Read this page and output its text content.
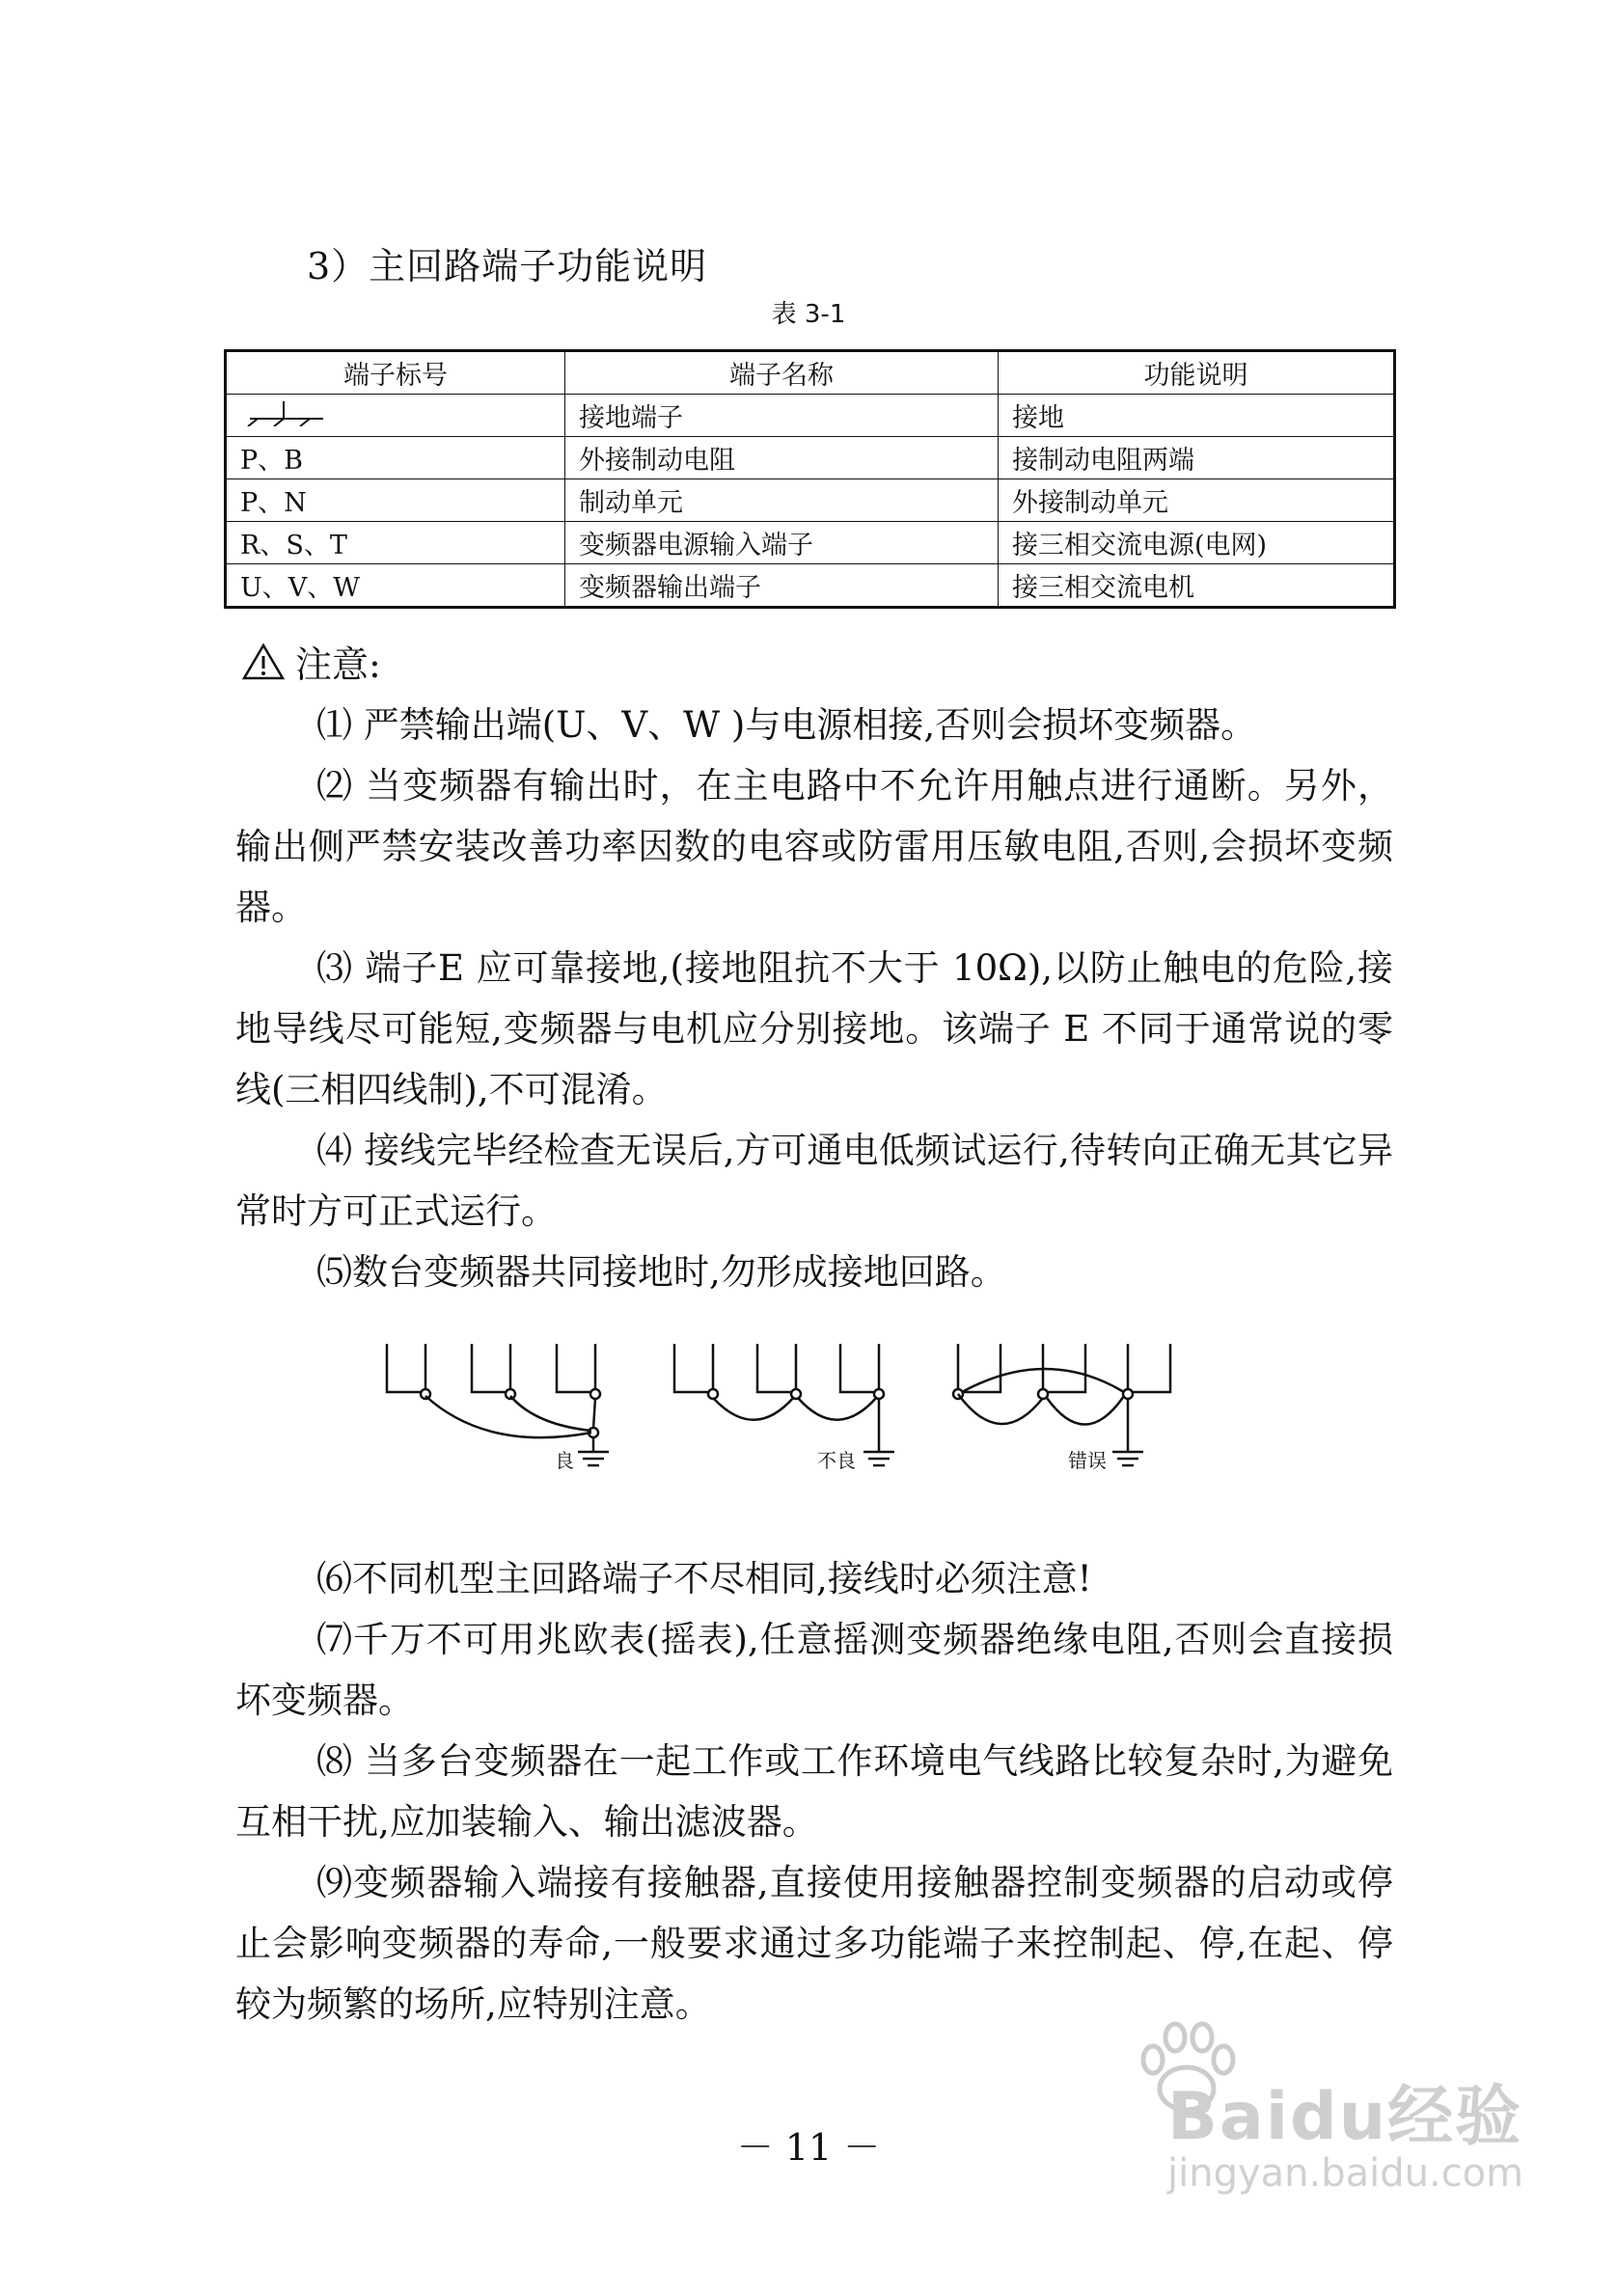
3）主回路端子功能说明
表 3-1
端子标号	端子名称	功能说明
	接地端子	接地
P、B	外接制动电阻	接制动电阻两端
P、N	制动单元	外接制动单元
R、S、T	变频器电源输入端子	接三相交流电源(电网)
U、V、W	变频器输出端子	接三相交流电机
注意:

⑴ 严禁输出端(U、V、W )与电源相接,否则会损坏变频器。

⑵ 当变频器有输出时，在主电路中不允许用触点进行通断。另外，输出侧严禁安装改善功率因数的电容或防雷用压敏电阻,否则,会损坏变频器。

⑶ 端子E 应可靠接地,(接地阻抗不大于 10Ω),以防止触电的危险,接地导线尽可能短,变频器与电机应分别接地。该端子 E 不同于通常说的零线(三相四线制),不可混淆。

⑷ 接线完毕经检查无误后,方可通电低频试运行,待转向正确无其它异常时方可正式运行。

⑸数台变频器共同接地时,勿形成接地回路。

良	不良	错误

⑹不同机型主回路端子不尽相同,接线时必须注意!

⑺千万不可用兆欧表(摇表),任意摇测变频器绝缘电阻,否则会直接损坏变频器。

⑻ 当多台变频器在一起工作或工作环境电气线路比较复杂时,为避免互相干扰,应加装输入、输出滤波器。

⑼变频器输入端接有接触器,直接使用接触器控制变频器的启动或停止会影响变频器的寿命,一般要求通过多功能端子来控制起、停,在起、停较为频繁的场所,应特别注意。

－ 11 －	Baidu经验
jingyan.baidu.com
